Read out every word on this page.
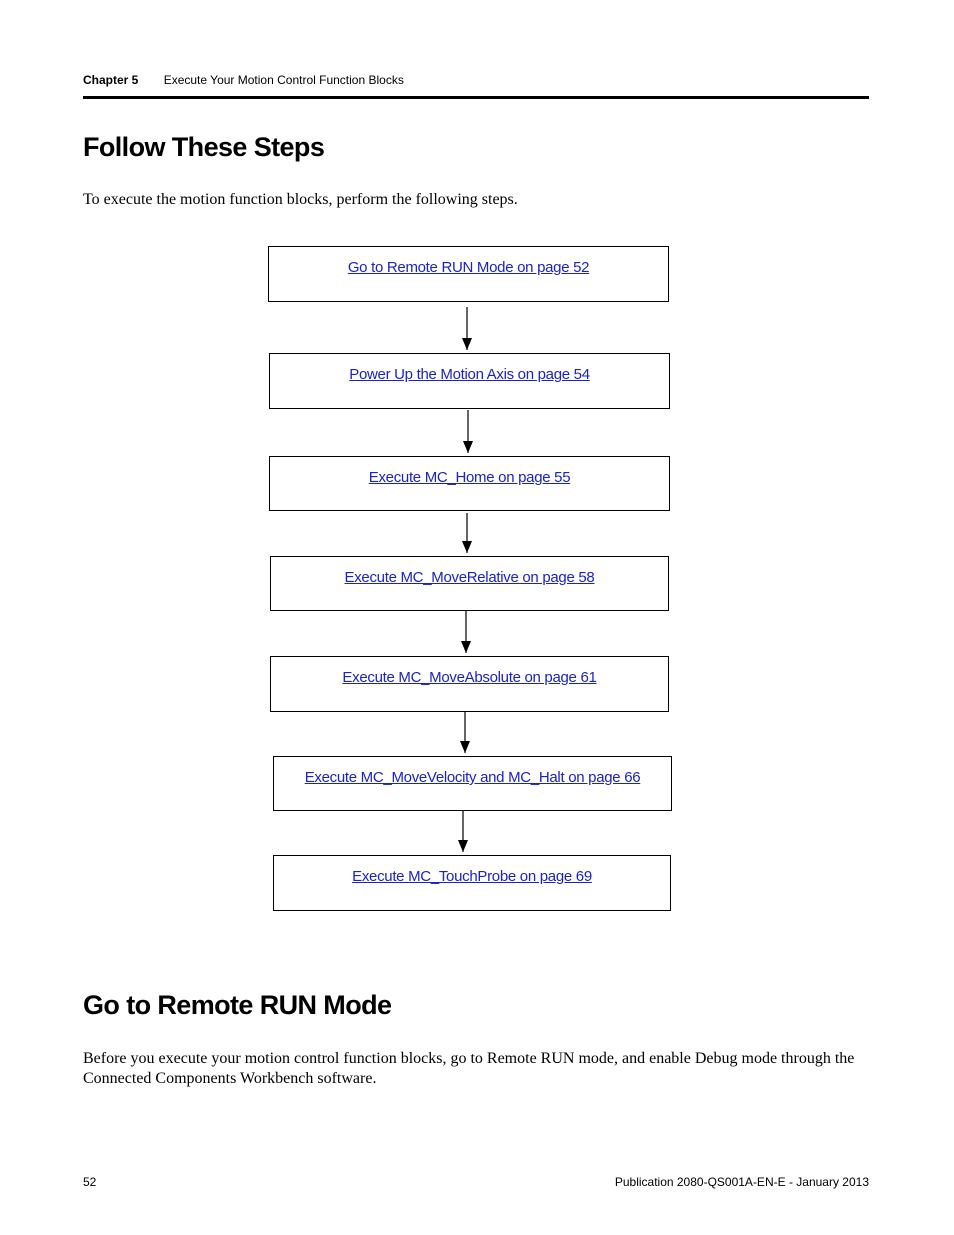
Chapter 5 Execute Your Motion Control Function Blocks
Follow These Steps

To execute the motion function blocks, perform the following steps.

Go to Remote RUN Mode on page 52
Power Up the Motion Axis on page 54
Execute MC_Home on page 55
Execute MC_MoveRelative on page 58
Execute MC_MoveAbsolute on page 61
Execute MC_MoveVelocity and MC_Halt on page 66
Execute MC_TouchProbe on page 69
Go to Remote RUN Mode

Before you execute your motion control function blocks, go to Remote RUN mode, and enable Debug mode through the Connected Components Workbench software.

52	Publication 2080-QS001A-EN-E - January 2013
